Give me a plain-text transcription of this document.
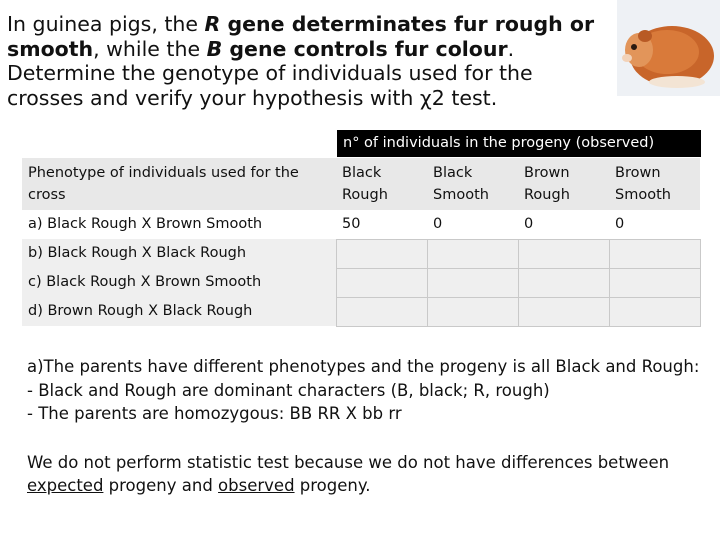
In guinea pigs, the R gene determinates fur rough or smooth, while the B gene controls fur colour. Determine the genotype of individuals used for the crosses and verify your hypothesis with χ2 test.
n° of individuals in the progeny (observed)
Phenotype of individuals used for the cross	Black Rough	Black Smooth	Brown Rough	Brown Smooth
a) Black Rough X Brown Smooth	50	0	0	0
b) Black Rough X Black Rough				
c) Black Rough X Brown Smooth				
d) Brown Rough X Black Rough				
a)The parents have different phenotypes and the progeny is all Black and Rough:
- Black and Rough are dominant characters (B, black; R, rough)
- The parents are homozygous: BB RR X bb rr
We do not perform statistic test because we do not have differences between expected progeny and observed progeny.
